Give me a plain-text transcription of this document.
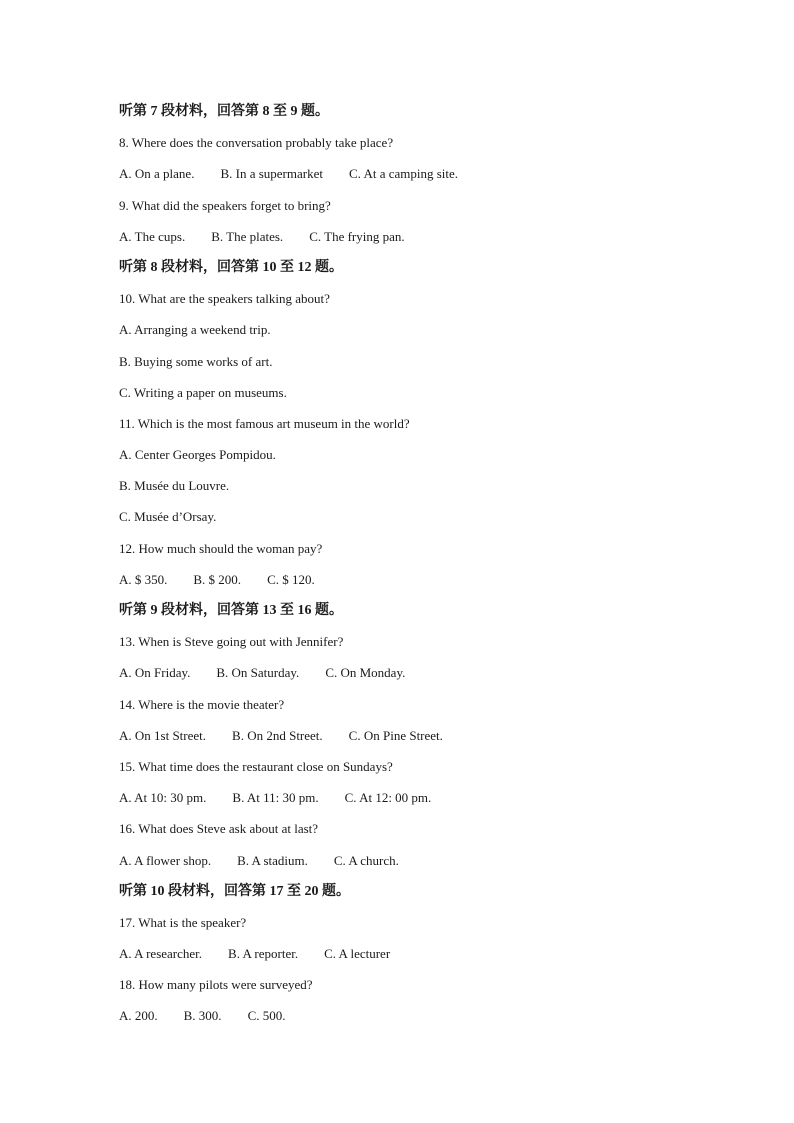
听第 7 段材料，回答第 8 至 9 题。
8. Where does the conversation probably take place?
A. On a plane. B. In a supermarket C. At a camping site.
9. What did the speakers forget to bring?
A. The cups. B. The plates. C. The frying pan.
听第 8 段材料，回答第 10 至 12 题。
10. What are the speakers talking about?
A. Arranging a weekend trip.
B. Buying some works of art.
C. Writing a paper on museums.
11. Which is the most famous art museum in the world?
A. Center Georges Pompidou.
B. Musée du Louvre.
C. Musée d’Orsay.
12. How much should the woman pay?
A. $ 350. B. $ 200. C. $ 120.
听第 9 段材料，回答第 13 至 16 题。
13. When is Steve going out with Jennifer?
A. On Friday. B. On Saturday. C. On Monday.
14. Where is the movie theater?
A. On 1st Street. B. On 2nd Street. C. On Pine Street.
15. What time does the restaurant close on Sundays?
A. At 10: 30 pm. B. At 11: 30 pm. C. At 12: 00 pm.
16. What does Steve ask about at last?
A. A flower shop. B. A stadium. C. A church.
听第 10 段材料，回答第 17 至 20 题。
17. What is the speaker?
A. A researcher. B. A reporter. C. A lecturer
18. How many pilots were surveyed?
A. 200. B. 300. C. 500.
